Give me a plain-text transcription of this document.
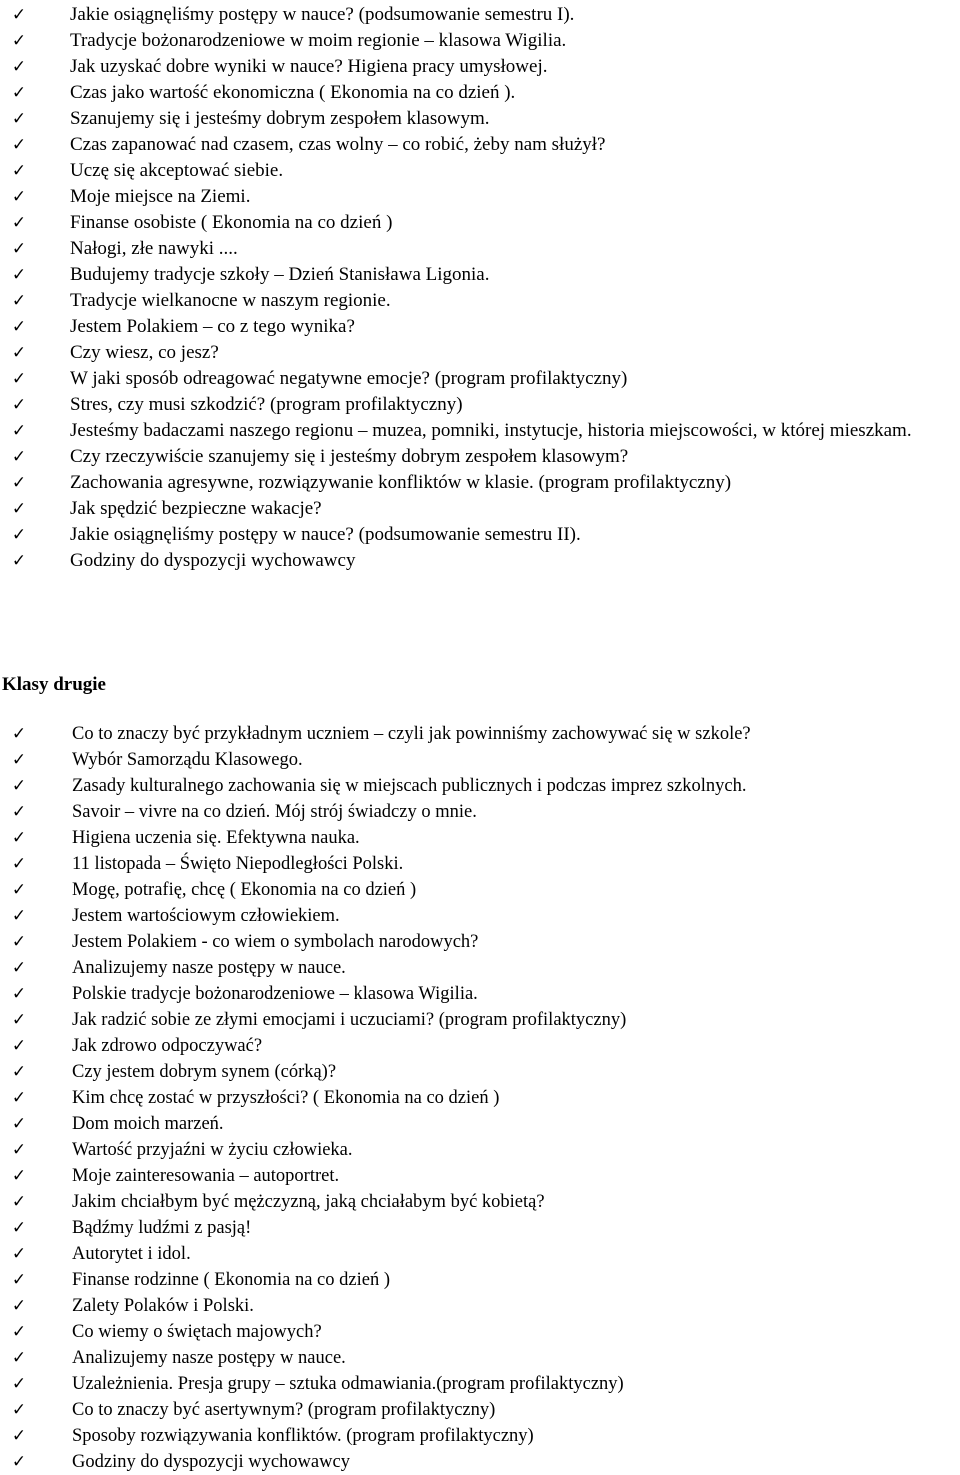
✓ Jakie osiągnęliśmy postępy w nauce? (podsumowanie semestru I).
✓ Tradycje bożonarodzeniowe w moim regionie – klasowa Wigilia.
✓ Jak uzyskać dobre wyniki w nauce? Higiena pracy umysłowej.
✓ Czas jako wartość ekonomiczna ( Ekonomia na co dzień ).
✓ Szanujemy się i jesteśmy dobrym zespołem klasowym.
✓ Czas zapanować nad czasem, czas wolny – co robić, żeby nam służył?
✓ Uczę się akceptować siebie.
✓ Moje miejsce na Ziemi.
✓ Finanse osobiste ( Ekonomia na co dzień )
✓ Nałogi, złe nawyki ....
✓ Budujemy tradycje szkoły – Dzień Stanisława Ligonia.
✓ Tradycje wielkanocne w naszym regionie.
✓ Jestem Polakiem – co z tego wynika?
✓ Czy wiesz, co jesz?
✓ W jaki sposób odreagować negatywne emocje? (program profilaktyczny)
✓ Stres, czy musi szkodzić? (program profilaktyczny)
✓ Jesteśmy badaczami naszego regionu – muzea, pomniki, instytucje, historia miejscowości, w której mieszkam.
✓ Czy rzeczywiście szanujemy się i jesteśmy dobrym zespołem klasowym?
✓ Zachowania agresywne, rozwiązywanie konfliktów w klasie. (program profilaktyczny)
✓ Jak spędzić bezpieczne wakacje?
✓ Jakie osiągnęliśmy postępy w nauce? (podsumowanie semestru II).
✓ Godziny do dyspozycji wychowawcy
Klasy drugie
✓ Co to znaczy być przykładnym uczniem – czyli jak powinniśmy zachowywać się w szkole?
✓ Wybór Samorządu Klasowego.
✓ Zasady kulturalnego zachowania się w miejscach publicznych i podczas imprez szkolnych.
✓ Savoir – vivre na co dzień. Mój strój świadczy o mnie.
✓ Higiena uczenia się. Efektywna nauka.
✓ 11 listopada – Święto Niepodległości Polski.
✓ Mogę, potrafię, chcę ( Ekonomia na co dzień )
✓ Jestem wartościowym człowiekiem.
✓ Jestem Polakiem - co wiem o symbolach narodowych?
✓ Analizujemy nasze postępy w nauce.
✓ Polskie tradycje bożonarodzeniowe – klasowa Wigilia.
✓ Jak radzić sobie ze złymi emocjami i uczuciami? (program profilaktyczny)
✓ Jak zdrowo odpoczywać?
✓ Czy jestem dobrym synem (córką)?
✓ Kim chcę zostać w przyszłości? ( Ekonomia na co dzień )
✓ Dom moich marzeń.
✓ Wartość przyjaźni w życiu człowieka.
✓ Moje zainteresowania – autoportret.
✓ Jakim chciałbym być mężczyzną, jaką chciałabym być kobietą?
✓ Bądźmy ludźmi z pasją!
✓ Autorytet i idol.
✓ Finanse rodzinne ( Ekonomia na co dzień )
✓ Zalety Polaków i Polski.
✓ Co wiemy o świętach majowych?
✓ Analizujemy nasze postępy w nauce.
✓ Uzależnienia. Presja grupy – sztuka odmawiania.(program profilaktyczny)
✓ Co to znaczy być asertywnym? (program profilaktyczny)
✓ Sposoby rozwiązywania konfliktów. (program profilaktyczny)
✓ Godziny do dyspozycji wychowawcy
